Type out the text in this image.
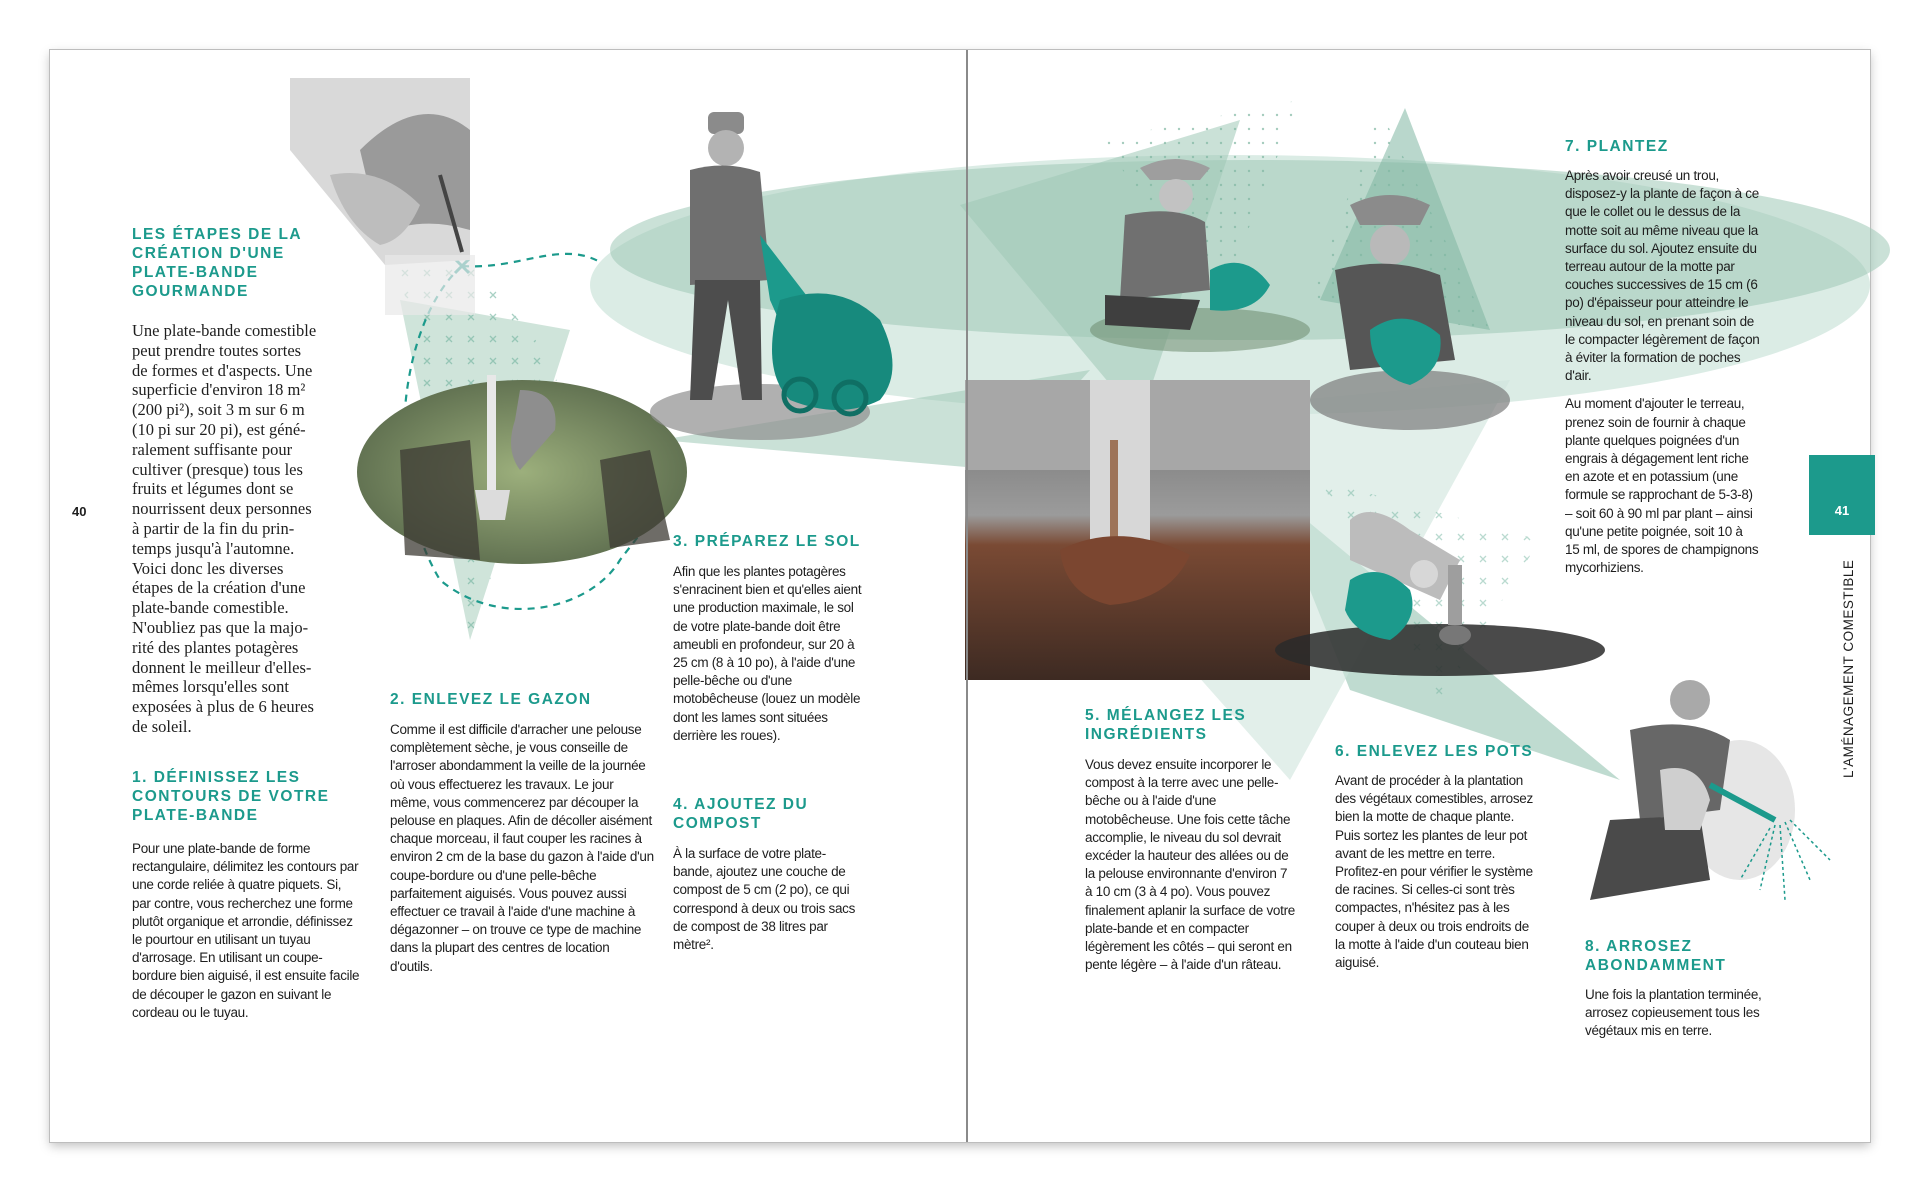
40	41
L'AMÉNAGEMENT COMESTIBLE
LES ÉTAPES DE LA
CRÉATION D'UNE
PLATE-BANDE
GOURMANDE
Une plate-bande comestible
peut prendre toutes sortes
de formes et d'aspects. Une
superficie d'environ 18 m²
(200 pi²), soit 3 m sur 6 m
(10 pi sur 20 pi), est géné-
ralement suffisante pour
cultiver (presque) tous les
fruits et légumes dont se
nourrissent deux personnes
à partir de la fin du prin-
temps jusqu'à l'automne.
Voici donc les diverses
étapes de la création d'une
plate-bande comestible.
N'oubliez pas que la majo-
rité des plantes potagères
donnent le meilleur d'elles-
mêmes lorsqu'elles sont
exposées à plus de 6 heures
de soleil.
1. DÉFINISSEZ LES
CONTOURS DE VOTRE
PLATE-BANDE

Pour une plate-bande de forme rectangulaire, délimitez les contours par une corde reliée à quatre piquets. Si, par contre, vous recherchez une forme plutôt organique et arrondie, définissez le pourtour en utilisant un tuyau d'arrosage. En utilisant un coupe-bordure bien aiguisé, il est ensuite facile de découper le gazon en suivant le cordeau ou le tuyau.

2. ENLEVEZ LE GAZON

Comme il est difficile d'arracher une pelouse complètement sèche, je vous conseille de l'arroser abondamment la veille de la journée où vous effectuerez les travaux. Le jour même, vous commencerez par découper la pelouse en plaques. Afin de décoller aisément chaque morceau, il faut couper les racines à environ 2 cm de la base du gazon à l'aide d'un coupe-bordure ou d'une pelle-bêche parfaitement aiguisés. Vous pouvez aussi effectuer ce travail à l'aide d'une machine à dégazonner – on trouve ce type de machine dans la plupart des centres de location d'outils.

3. PRÉPAREZ LE SOL

Afin que les plantes potagères s'enracinent bien et qu'elles aient une production maximale, le sol de votre plate-bande doit être ameubli en profondeur, sur 20 à 25 cm (8 à 10 po), à l'aide d'une pelle-bêche ou d'une motobêcheuse (louez un modèle dont les lames sont situées derrière les roues).

4. AJOUTEZ DU
COMPOST

À la surface de votre plate-bande, ajoutez une couche de compost de 5 cm (2 po), ce qui correspond à deux ou trois sacs de compost de 38 litres par mètre².

5. MÉLANGEZ LES
INGRÉDIENTS

Vous devez ensuite incorporer le compost à la terre avec une pelle-bêche ou à l'aide d'une motobêcheuse. Une fois cette tâche accomplie, le niveau du sol devrait excéder la hauteur des allées ou de la pelouse environnante d'environ 7 à 10 cm (3 à 4 po). Vous pouvez finalement aplanir la surface de votre plate-bande et en compacter légèrement les côtés – qui seront en pente légère – à l'aide d'un râteau.

6. ENLEVEZ LES POTS

Avant de procéder à la plantation des végétaux comestibles, arrosez bien la motte de chaque plante. Puis sortez les plantes de leur pot avant de les mettre en terre. Profitez-en pour vérifier le système de racines. Si celles-ci sont très compactes, n'hésitez pas à les couper à deux ou trois endroits de la motte à l'aide d'un couteau bien aiguisé.

7. PLANTEZ

Après avoir creusé un trou, disposez-y la plante de façon à ce que le collet ou le dessus de la motte soit au même niveau que la surface du sol. Ajoutez ensuite du terreau autour de la motte par couches successives de 15 cm (6 po) d'épaisseur pour atteindre le niveau du sol, en prenant soin de le compacter légèrement de façon à éviter la formation de poches d'air.

Au moment d'ajouter le terreau, prenez soin de fournir à chaque plante quelques poignées d'un engrais à dégagement lent riche en azote et en potassium (une formule se rapprochant de 5-3-8) – soit 60 à 90 ml par plant – ainsi qu'une petite poignée, soit 10 à 15 ml, de spores de champignons mycorhiziens.

8. ARROSEZ
ABONDAMMENT

Une fois la plantation terminée, arrosez copieusement tous les végétaux mis en terre.
